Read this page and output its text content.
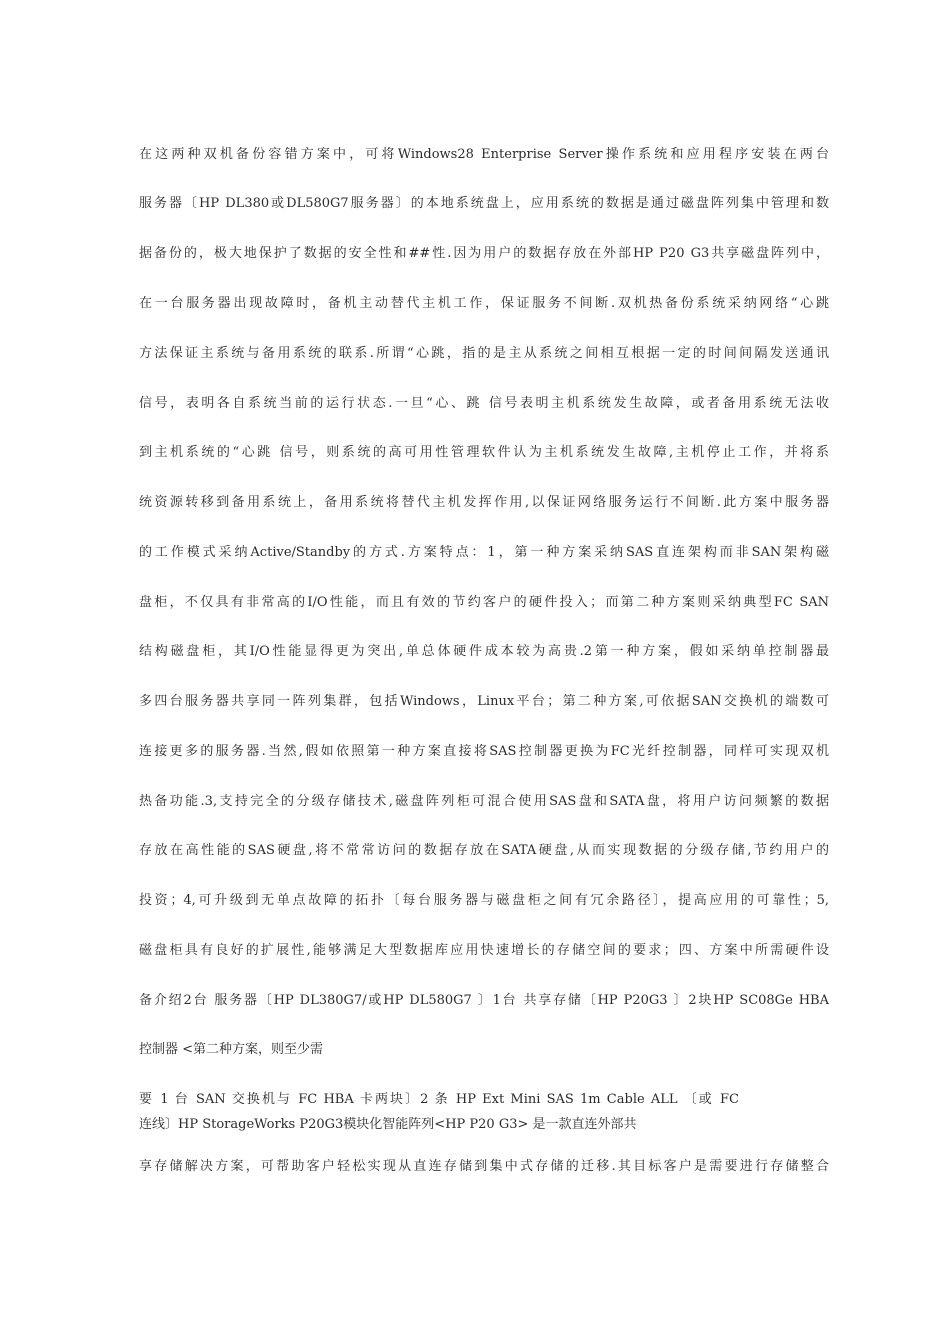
在这两种双机备份容错方案中，可将Windows28 Enterprise Server操作系统和应用程序安装在两台
服务器〔HP DL380或DL580G7服务器〕的本地系统盘上，应用系统的数据是通过磁盘阵列集中管理和数
据备份的，极大地保护了数据的安全性和##性.因为用户的数据存放在外部HP P20 G3共享磁盘阵列中，
在一台服务器出现故障时，备机主动替代主机工作，保证服务不间断.双机热备份系统采纳网络“心跳
方法保证主系统与备用系统的联系.所谓“心跳，指的是主从系统之间相互根据一定的时间间隔发送通讯
信号，表明各自系统当前的运行状态.一旦“心、跳 信号表明主机系统发生故障，或者备用系统无法收
到主机系统的“心跳 信号，则系统的高可用性管理软件认为主机系统发生故障,主机停止工作，并将系
统资源转移到备用系统上，备用系统将替代主机发挥作用,以保证网络服务运行不间断.此方案中服务器
的工作模式采纳Active/Standby的方式.方案特点：1，第一种方案采纳SAS直连架构而非SAN架构磁
盘柜，不仅具有非常高的I/O性能，而且有效的节约客户的硬件投入；而第二种方案则采纳典型FC SAN
结构磁盘柜，其I/O性能显得更为突出,单总体硬件成本较为高贵.2第一种方案，假如采纳单控制器最
多四台服务器共享同一阵列集群，包括Windows，Linux平台；第二种方案,可依据SAN交换机的端数可
连接更多的服务器.当然,假如依照第一种方案直接将SAS控制器更换为FC光纤控制器，同样可实现双机
热备功能.3,支持完全的分级存储技术,磁盘阵列柜可混合使用SAS盘和SATA盘，将用户访问频繁的数据
存放在高性能的SAS硬盘,将不常常访问的数据存放在SATA硬盘,从而实现数据的分级存储,节约用户的
投资；4,可升级到无单点故障的拓扑〔每台服务器与磁盘柜之间有冗余路径〕，提高应用的可靠性；5,
磁盘柜具有良好的扩展性,能够满足大型数据库应用快速增长的存储空间的要求；四、方案中所需硬件设
备介绍2台 服务器〔HP DL380G7/或HP DL580G7 〕1台 共享存储〔HP P20G3 〕2块HP SC08Ge HBA
控制器 <第二种方案，则至少需
要 1 台 SAN 交换机与 FC HBA 卡两块〕2 条 HP Ext Mini SAS 1m Cable ALL 〔或 FC
连线〕HP StorageWorks P20G3模块化智能阵列<HP P20 G3> 是一款直连外部共
享存储解决方案，可帮助客户轻松实现从直连存储到集中式存储的迁移.其目标客户是需要进行存储整合
